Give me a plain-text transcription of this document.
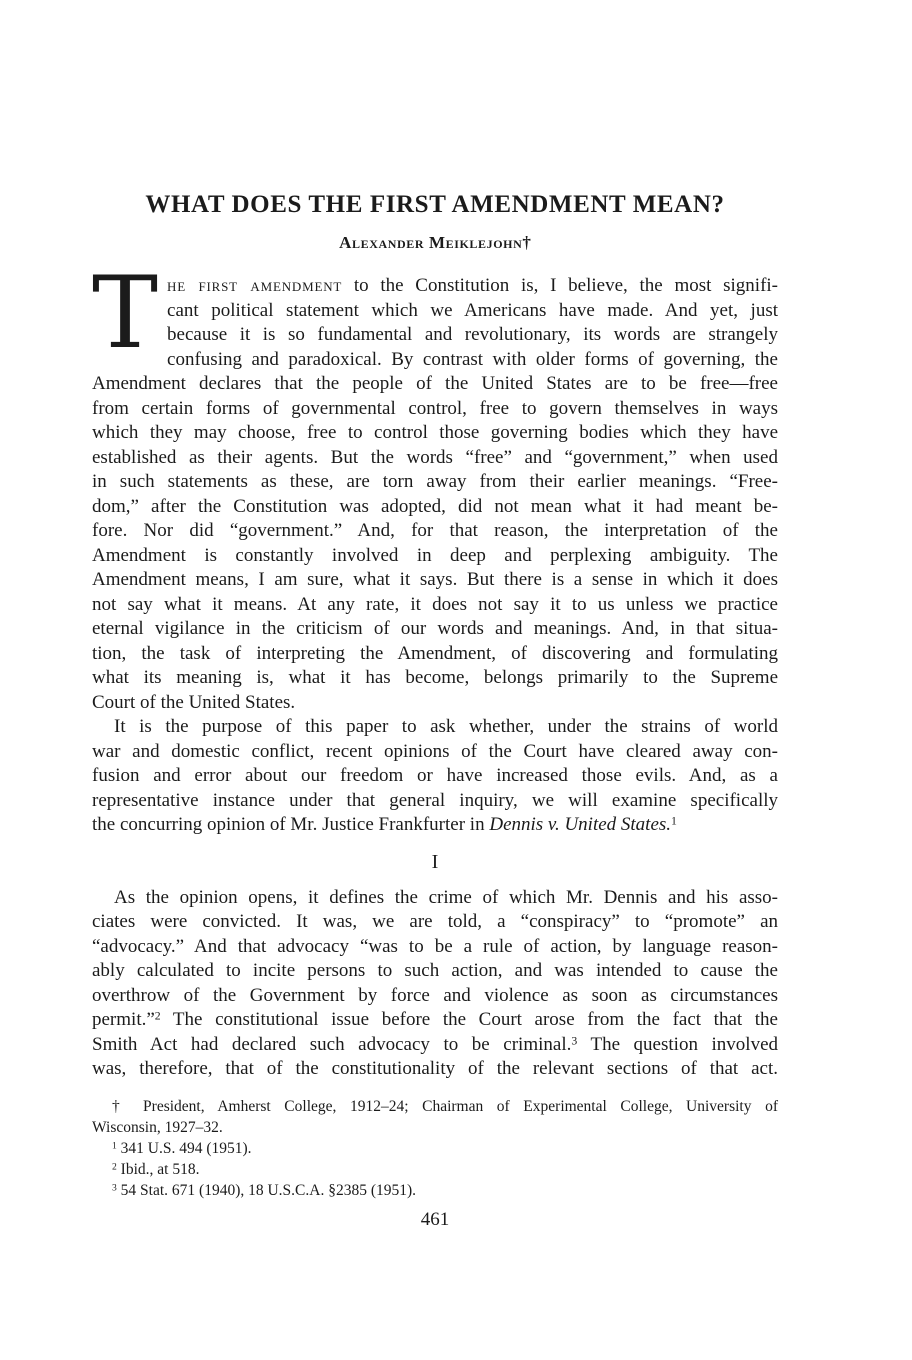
WHAT DOES THE FIRST AMENDMENT MEAN?
Alexander Meiklejohn†
T he first amendment to the Constitution is, I believe, the most signifi-
cant political statement which we Americans have made. And yet, just
because it is so fundamental and revolutionary, its words are strangely
confusing and paradoxical. By contrast with older forms of governing, the
Amendment declares that the people of the United States are to be free—free
from certain forms of governmental control, free to govern themselves in ways
which they may choose, free to control those governing bodies which they have
established as their agents. But the words “free” and “government,” when used
in such statements as these, are torn away from their earlier meanings. “Free-
dom,” after the Constitution was adopted, did not mean what it had meant be-
fore. Nor did “government.” And, for that reason, the interpretation of the
Amendment is constantly involved in deep and perplexing ambiguity. The
Amendment means, I am sure, what it says. But there is a sense in which it does
not say what it means. At any rate, it does not say it to us unless we practice
eternal vigilance in the criticism of our words and meanings. And, in that situa-
tion, the task of interpreting the Amendment, of discovering and formulating
what its meaning is, what it has become, belongs primarily to the Supreme
Court of the United States.
It is the purpose of this paper to ask whether, under the strains of world
war and domestic conflict, recent opinions of the Court have cleared away con-
fusion and error about our freedom or have increased those evils. And, as a
representative instance under that general inquiry, we will examine specifically
the concurring opinion of Mr. Justice Frankfurter in Dennis v. United States.$^1$
I
As the opinion opens, it defines the crime of which Mr. Dennis and his asso-
ciates were convicted. It was, we are told, a “conspiracy” to “promote” an
“advocacy.” And that advocacy “was to be a rule of action, by language reason-
ably calculated to incite persons to such action, and was intended to cause the
overthrow of the Government by force and violence as soon as circumstances
permit.”$^2$ The constitutional issue before the Court arose from the fact that the
Smith Act had declared such advocacy to be criminal.$^3$ The question involved
was, therefore, that of the constitutionality of the relevant sections of that act.
† President, Amherst College, 1912–24; Chairman of Experimental College, University of
Wisconsin, 1927–32.
$^1$ 341 U.S. 494 (1951).
$^2$ Ibid., at 518.
$^3$ 54 Stat. 671 (1940), 18 U.S.C.A. §2385 (1951).
461
